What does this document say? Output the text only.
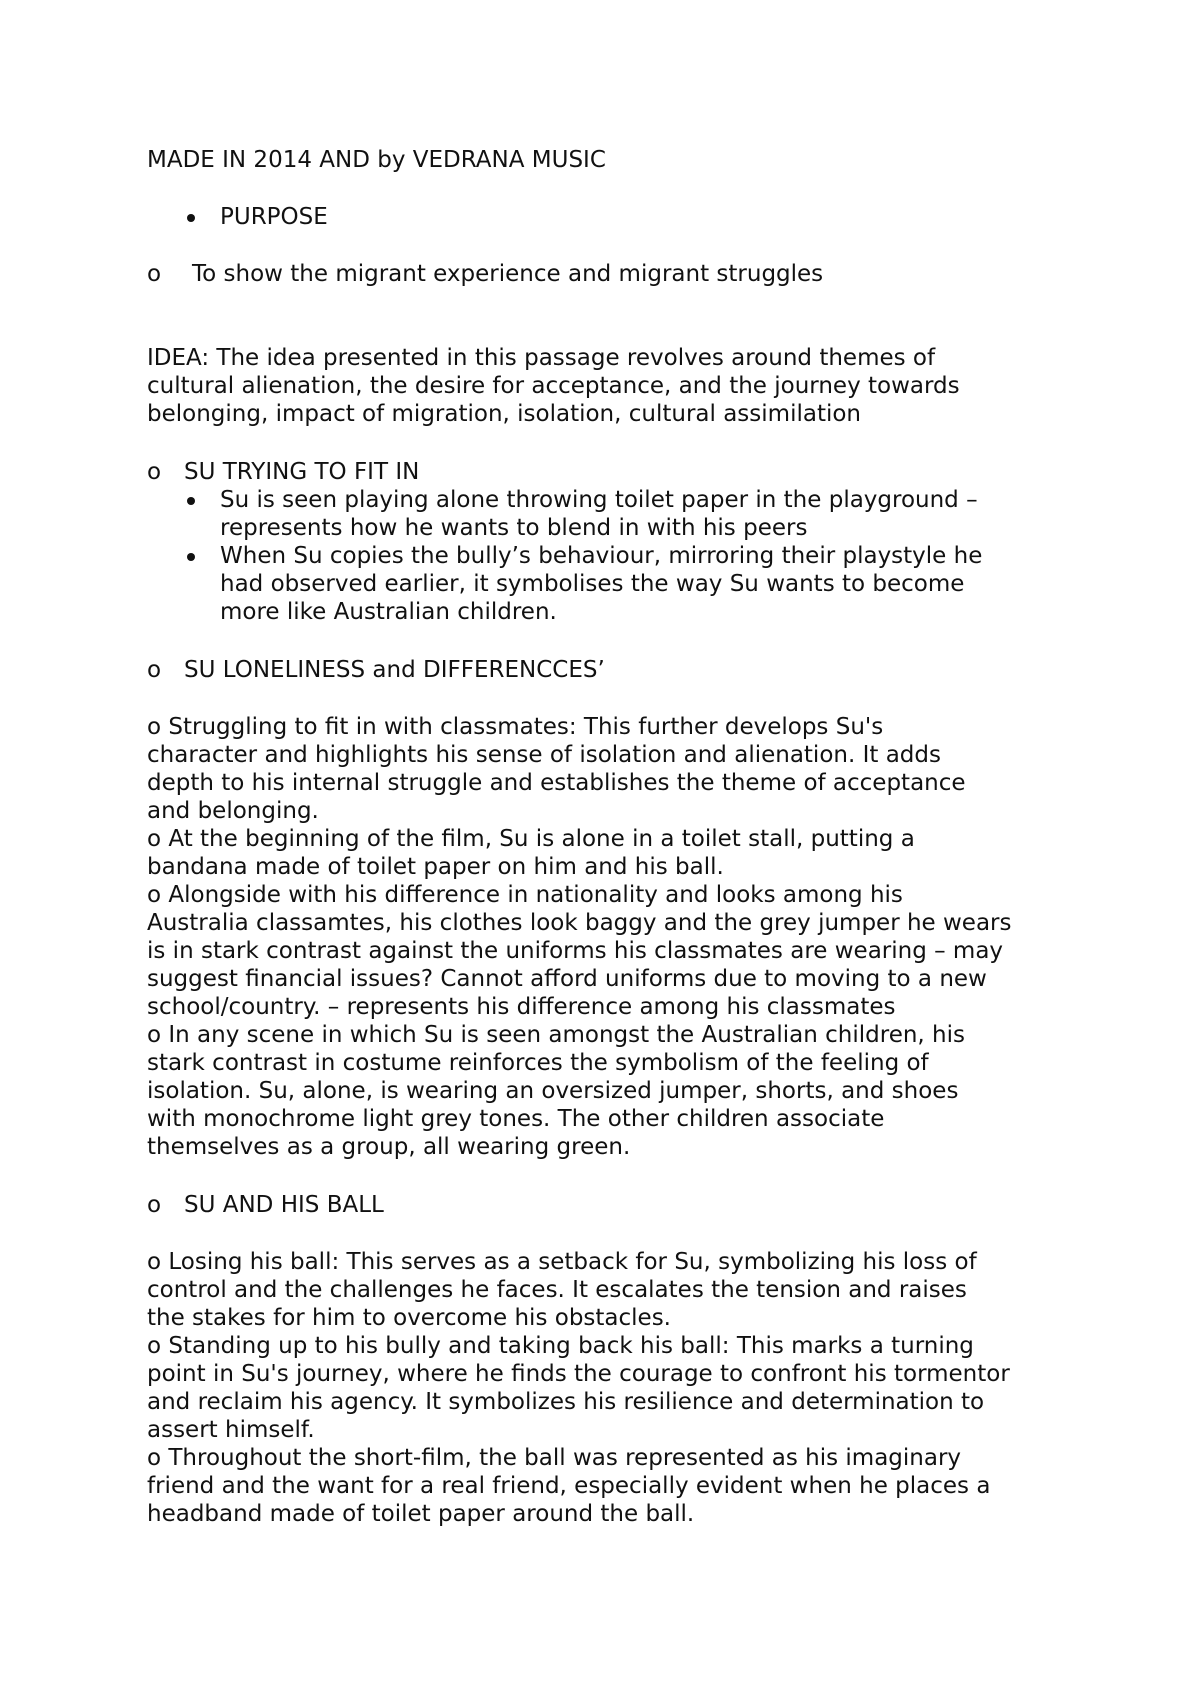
MADE IN 2014 AND by VEDRANA MUSIC
PURPOSE
o To show the migrant experience and migrant struggles
IDEA: The idea presented in this passage revolves around themes of
cultural alienation, the desire for acceptance, and the journey towards
belonging, impact of migration, isolation, cultural assimilation
o SU TRYING TO FIT IN
Su is seen playing alone throwing toilet paper in the playground –
represents how he wants to blend in with his peers
When Su copies the bully’s behaviour, mirroring their playstyle he
had observed earlier, it symbolises the way Su wants to become
more like Australian children.
o SU LONELINESS and DIFFERENCCES’
o Struggling to fit in with classmates: This further develops Su's
character and highlights his sense of isolation and alienation. It adds
depth to his internal struggle and establishes the theme of acceptance
and belonging.
o At the beginning of the film, Su is alone in a toilet stall, putting a
bandana made of toilet paper on him and his ball.
o Alongside with his difference in nationality and looks among his
Australia classamtes, his clothes look baggy and the grey jumper he wears
is in stark contrast against the uniforms his classmates are wearing – may
suggest financial issues? Cannot afford uniforms due to moving to a new
school/country. – represents his difference among his classmates
o In any scene in which Su is seen amongst the Australian children, his
stark contrast in costume reinforces the symbolism of the feeling of
isolation. Su, alone, is wearing an oversized jumper, shorts, and shoes
with monochrome light grey tones. The other children associate
themselves as a group, all wearing green.
o SU AND HIS BALL
o Losing his ball: This serves as a setback for Su, symbolizing his loss of
control and the challenges he faces. It escalates the tension and raises
the stakes for him to overcome his obstacles.
o Standing up to his bully and taking back his ball: This marks a turning
point in Su's journey, where he finds the courage to confront his tormentor
and reclaim his agency. It symbolizes his resilience and determination to
assert himself.
o Throughout the short-film, the ball was represented as his imaginary
friend and the want for a real friend, especially evident when he places a
headband made of toilet paper around the ball.
